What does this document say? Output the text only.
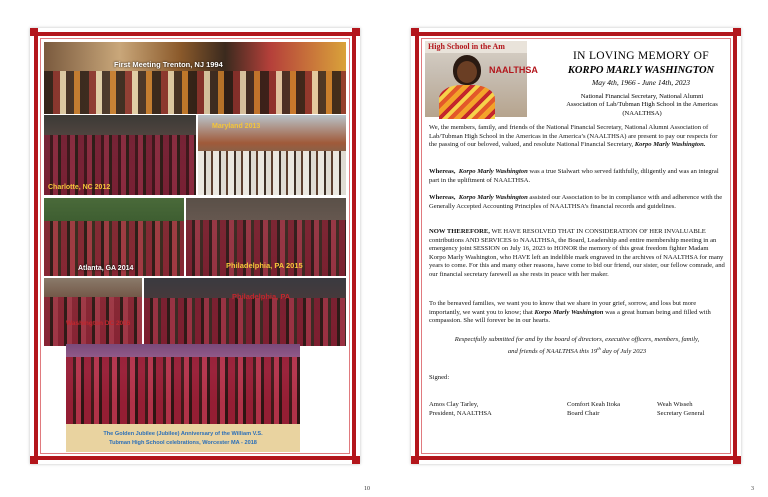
First Meeting Trenton, NJ 1994
Charlotte, NC 2012
Maryland 2013
Atlanta, GA 2014	Philadelphia, PA 2015
Washington DC 2016
Philadelphia, PA
The Golden Jubilee (Jubilee) Anniversary of the William V.S.
Tubman High School celebrations, Worcester MA - 2018
10
High School in the Am
NAALTHSA
IN LOVING MEMORY OF
KORPO MARLY WASHINGTON
May 4th, 1966 - June 14th, 2023
National Financial Secretary, National Alumni
Association of Lab/Tubman High School in the Americas
(NAALTHSA)
We, the members, family, and friends of the National Financial Secretary, National Alumni Association of Lab/Tubman High School in the Americas in the America’s (NAALTHSA) are present to pay our respects for the passing of our beloved, valued, and resolute National Financial Secretary, Korpo Marly Washington.
Whereas, Korpo Marly Washington was a true Stalwart who served faithfully, diligently and was an integral part in the upliftment of NAALTHSA.
Whereas, Korpo Marly Washington assisted our Association to be in compliance with and adherence with the Generally Accepted Accounting Principles of NAALTHSA’s financial records and guidelines.
NOW THEREFORE, WE HAVE RESOLVED THAT IN CONSIDERATION OF HER INVALUABLE contributions AND SERVICES to NAALTHSA, the Board, Leadership and entire membership meeting in an emergency joint SESSION on July 16, 2023 to HONOR the memory of this great freedom fighter Madam Korpo Marly Washington, who HAVE left an indelible mark engraved in the archives of NAALTHSA for many years to come. For this and many other reasons, have come to bid our friend, our sister, our fellow comrade, and our financial secretary farewell as she rests in peace with her maker.
To the bereaved families, we want you to know that we share in your grief, sorrow, and loss but more importantly, we want you to know; that Korpo Marly Washington was a great human being and filled with compassion. She will forever be in our hearts.
Respectfully submitted for and by the board of directors, executive officers, members, family,
and friends of NAALTHSA this 19th day of July 2023
Signed:
Amos Clay Tarley,
President, NAALTHSA
Comfort Keah Itoka
Board Chair
Weah Wisseh
Secretary General
3
